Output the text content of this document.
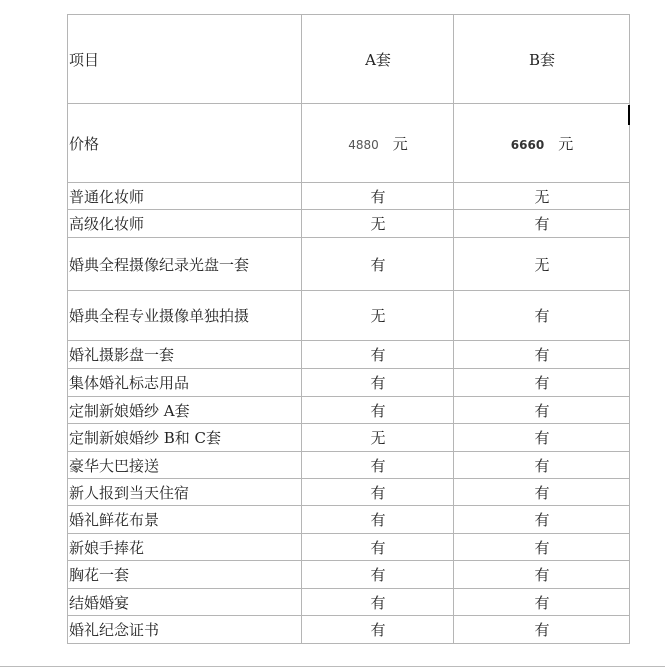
项目	A套	B套
价格	4880 元	6660 元
普通化妆师	有	无
高级化妆师	无	有
婚典全程摄像纪录光盘一套	有	无
婚典全程专业摄像单独拍摄	无	有
婚礼摄影盘一套	有	有
集体婚礼标志用品	有	有
定制新娘婚纱 A套	有	有
定制新娘婚纱 B和 C套	无	有
豪华大巴接送	有	有
新人报到当天住宿	有	有
婚礼鲜花布景	有	有
新娘手捧花	有	有
胸花一套	有	有
结婚婚宴	有	有
婚礼纪念证书	有	有
